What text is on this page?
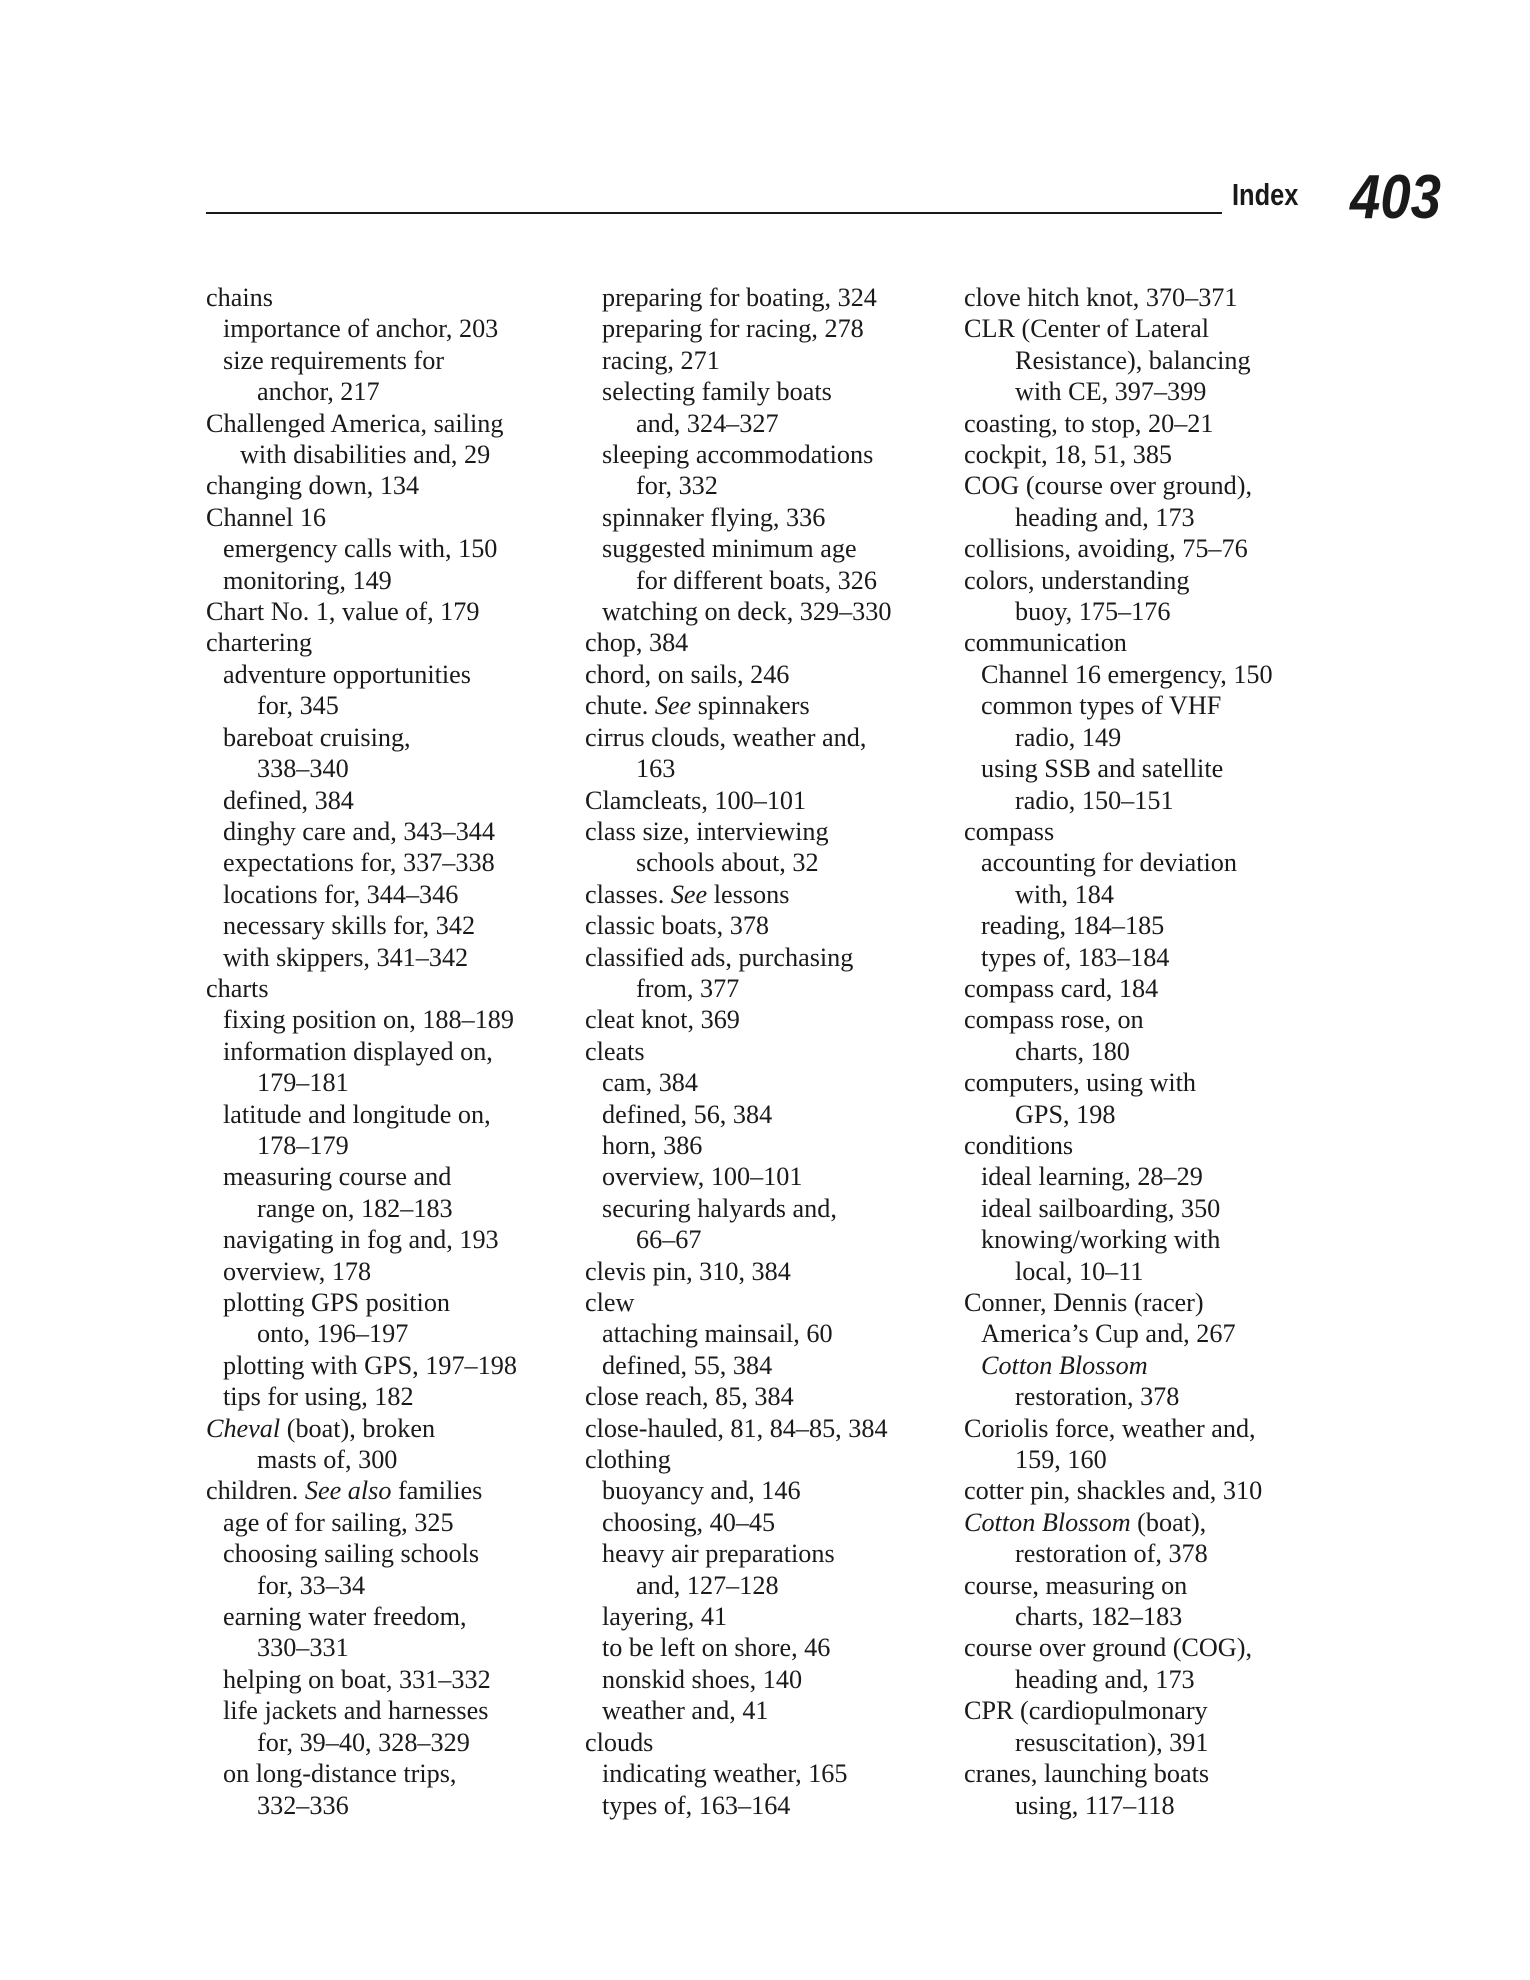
Index 403
chains
importance of anchor, 203
size requirements for
anchor, 217
Challenged America, sailing
with disabilities and, 29
changing down, 134
Channel 16
emergency calls with, 150
monitoring, 149
Chart No. 1, value of, 179
chartering
adventure opportunities
for, 345
bareboat cruising,
338–340
defined, 384
dinghy care and, 343–344
expectations for, 337–338
locations for, 344–346
necessary skills for, 342
with skippers, 341–342
charts
fixing position on, 188–189
information displayed on,
179–181
latitude and longitude on,
178–179
measuring course and
range on, 182–183
navigating in fog and, 193
overview, 178
plotting GPS position
onto, 196–197
plotting with GPS, 197–198
tips for using, 182
Cheval (boat), broken
masts of, 300
children. See also families
age of for sailing, 325
choosing sailing schools
for, 33–34
earning water freedom,
330–331
helping on boat, 331–332
life jackets and harnesses
for, 39–40, 328–329
on long-distance trips,
332–336
preparing for boating, 324
preparing for racing, 278
racing, 271
selecting family boats
and, 324–327
sleeping accommodations
for, 332
spinnaker flying, 336
suggested minimum age
for different boats, 326
watching on deck, 329–330
chop, 384
chord, on sails, 246
chute. See spinnakers
cirrus clouds, weather and,
163
Clamcleats, 100–101
class size, interviewing
schools about, 32
classes. See lessons
classic boats, 378
classified ads, purchasing
from, 377
cleat knot, 369
cleats
cam, 384
defined, 56, 384
horn, 386
overview, 100–101
securing halyards and,
66–67
clevis pin, 310, 384
clew
attaching mainsail, 60
defined, 55, 384
close reach, 85, 384
close-hauled, 81, 84–85, 384
clothing
buoyancy and, 146
choosing, 40–45
heavy air preparations
and, 127–128
layering, 41
to be left on shore, 46
nonskid shoes, 140
weather and, 41
clouds
indicating weather, 165
types of, 163–164
clove hitch knot, 370–371
CLR (Center of Lateral
Resistance), balancing
with CE, 397–399
coasting, to stop, 20–21
cockpit, 18, 51, 385
COG (course over ground),
heading and, 173
collisions, avoiding, 75–76
colors, understanding
buoy, 175–176
communication
Channel 16 emergency, 150
common types of VHF
radio, 149
using SSB and satellite
radio, 150–151
compass
accounting for deviation
with, 184
reading, 184–185
types of, 183–184
compass card, 184
compass rose, on
charts, 180
computers, using with
GPS, 198
conditions
ideal learning, 28–29
ideal sailboarding, 350
knowing/working with
local, 10–11
Conner, Dennis (racer)
America’s Cup and, 267
Cotton Blossom
restoration, 378
Coriolis force, weather and,
159, 160
cotter pin, shackles and, 310
Cotton Blossom (boat),
restoration of, 378
course, measuring on
charts, 182–183
course over ground (COG),
heading and, 173
CPR (cardiopulmonary
resuscitation), 391
cranes, launching boats
using, 117–118
